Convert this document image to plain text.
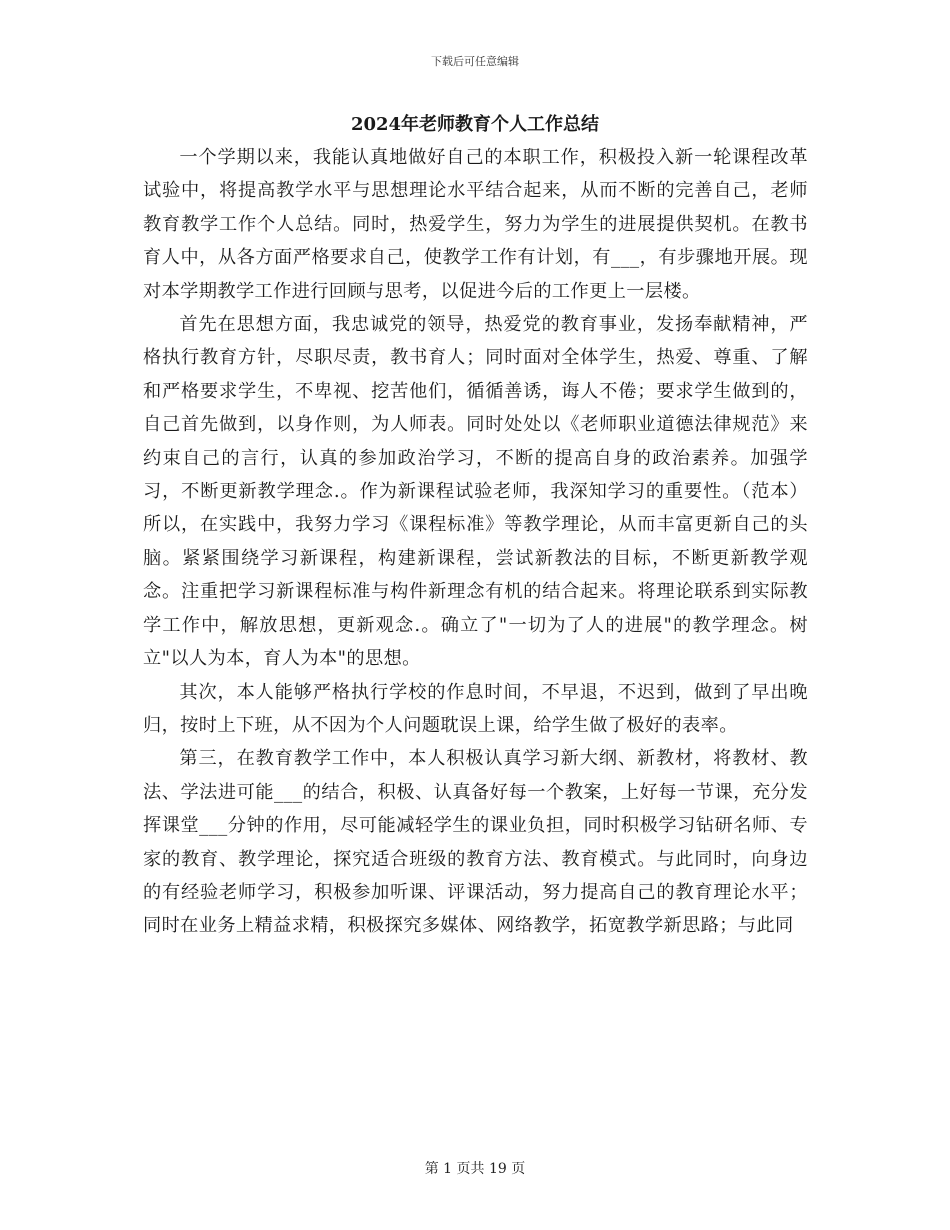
下载后可任意编辑
2024年老师教育个人工作总结

一个学期以来，我能认真地做好自己的本职工作，积极投入新一轮课程改革试验中，将提高教学水平与思想理论水平结合起来，从而不断的完善自己，老师教育教学工作个人总结。同时，热爱学生，努力为学生的进展提供契机。在教书育人中，从各方面严格要求自己，使教学工作有计划，有___，有步骤地开展。现对本学期教学工作进行回顾与思考，以促进今后的工作更上一层楼。

首先在思想方面，我忠诚党的领导，热爱党的教育事业，发扬奉献精神，严格执行教育方针，尽职尽责，教书育人；同时面对全体学生，热爱、尊重、了解和严格要求学生，不卑视、挖苦他们，循循善诱，诲人不倦；要求学生做到的，自己首先做到，以身作则，为人师表。同时处处以《老师职业道德法律规范》来约束自己的言行，认真的参加政治学习，不断的提高自身的政治素养。加强学习，不断更新教学理念.。作为新课程试验老师，我深知学习的重要性。（范本）所以，在实践中，我努力学习《课程标准》等教学理论，从而丰富更新自己的头脑。紧紧围绕学习新课程，构建新课程，尝试新教法的目标，不断更新教学观念。注重把学习新课程标准与构件新理念有机的结合起来。将理论联系到实际教学工作中，解放思想，更新观念.。确立了"一切为了人的进展"的教学理念。树立"以人为本，育人为本"的思想。

其次，本人能够严格执行学校的作息时间，不早退，不迟到，做到了早出晚归，按时上下班，从不因为个人问题耽误上课，给学生做了极好的表率。

第三，在教育教学工作中，本人积极认真学习新大纲、新教材，将教材、教法、学法进可能___的结合，积极、认真备好每一个教案，上好每一节课，充分发挥课堂___分钟的作用，尽可能减轻学生的课业负担，同时积极学习钻研名师、专家的教育、教学理论，探究适合班级的教育方法、教育模式。与此同时，向身边的有经验老师学习，积极参加听课、评课活动，努力提高自己的教育理论水平；同时在业务上精益求精，积极探究多媒体、网络教学，拓宽教学新思路；与此同

第 1 页共 19 页
